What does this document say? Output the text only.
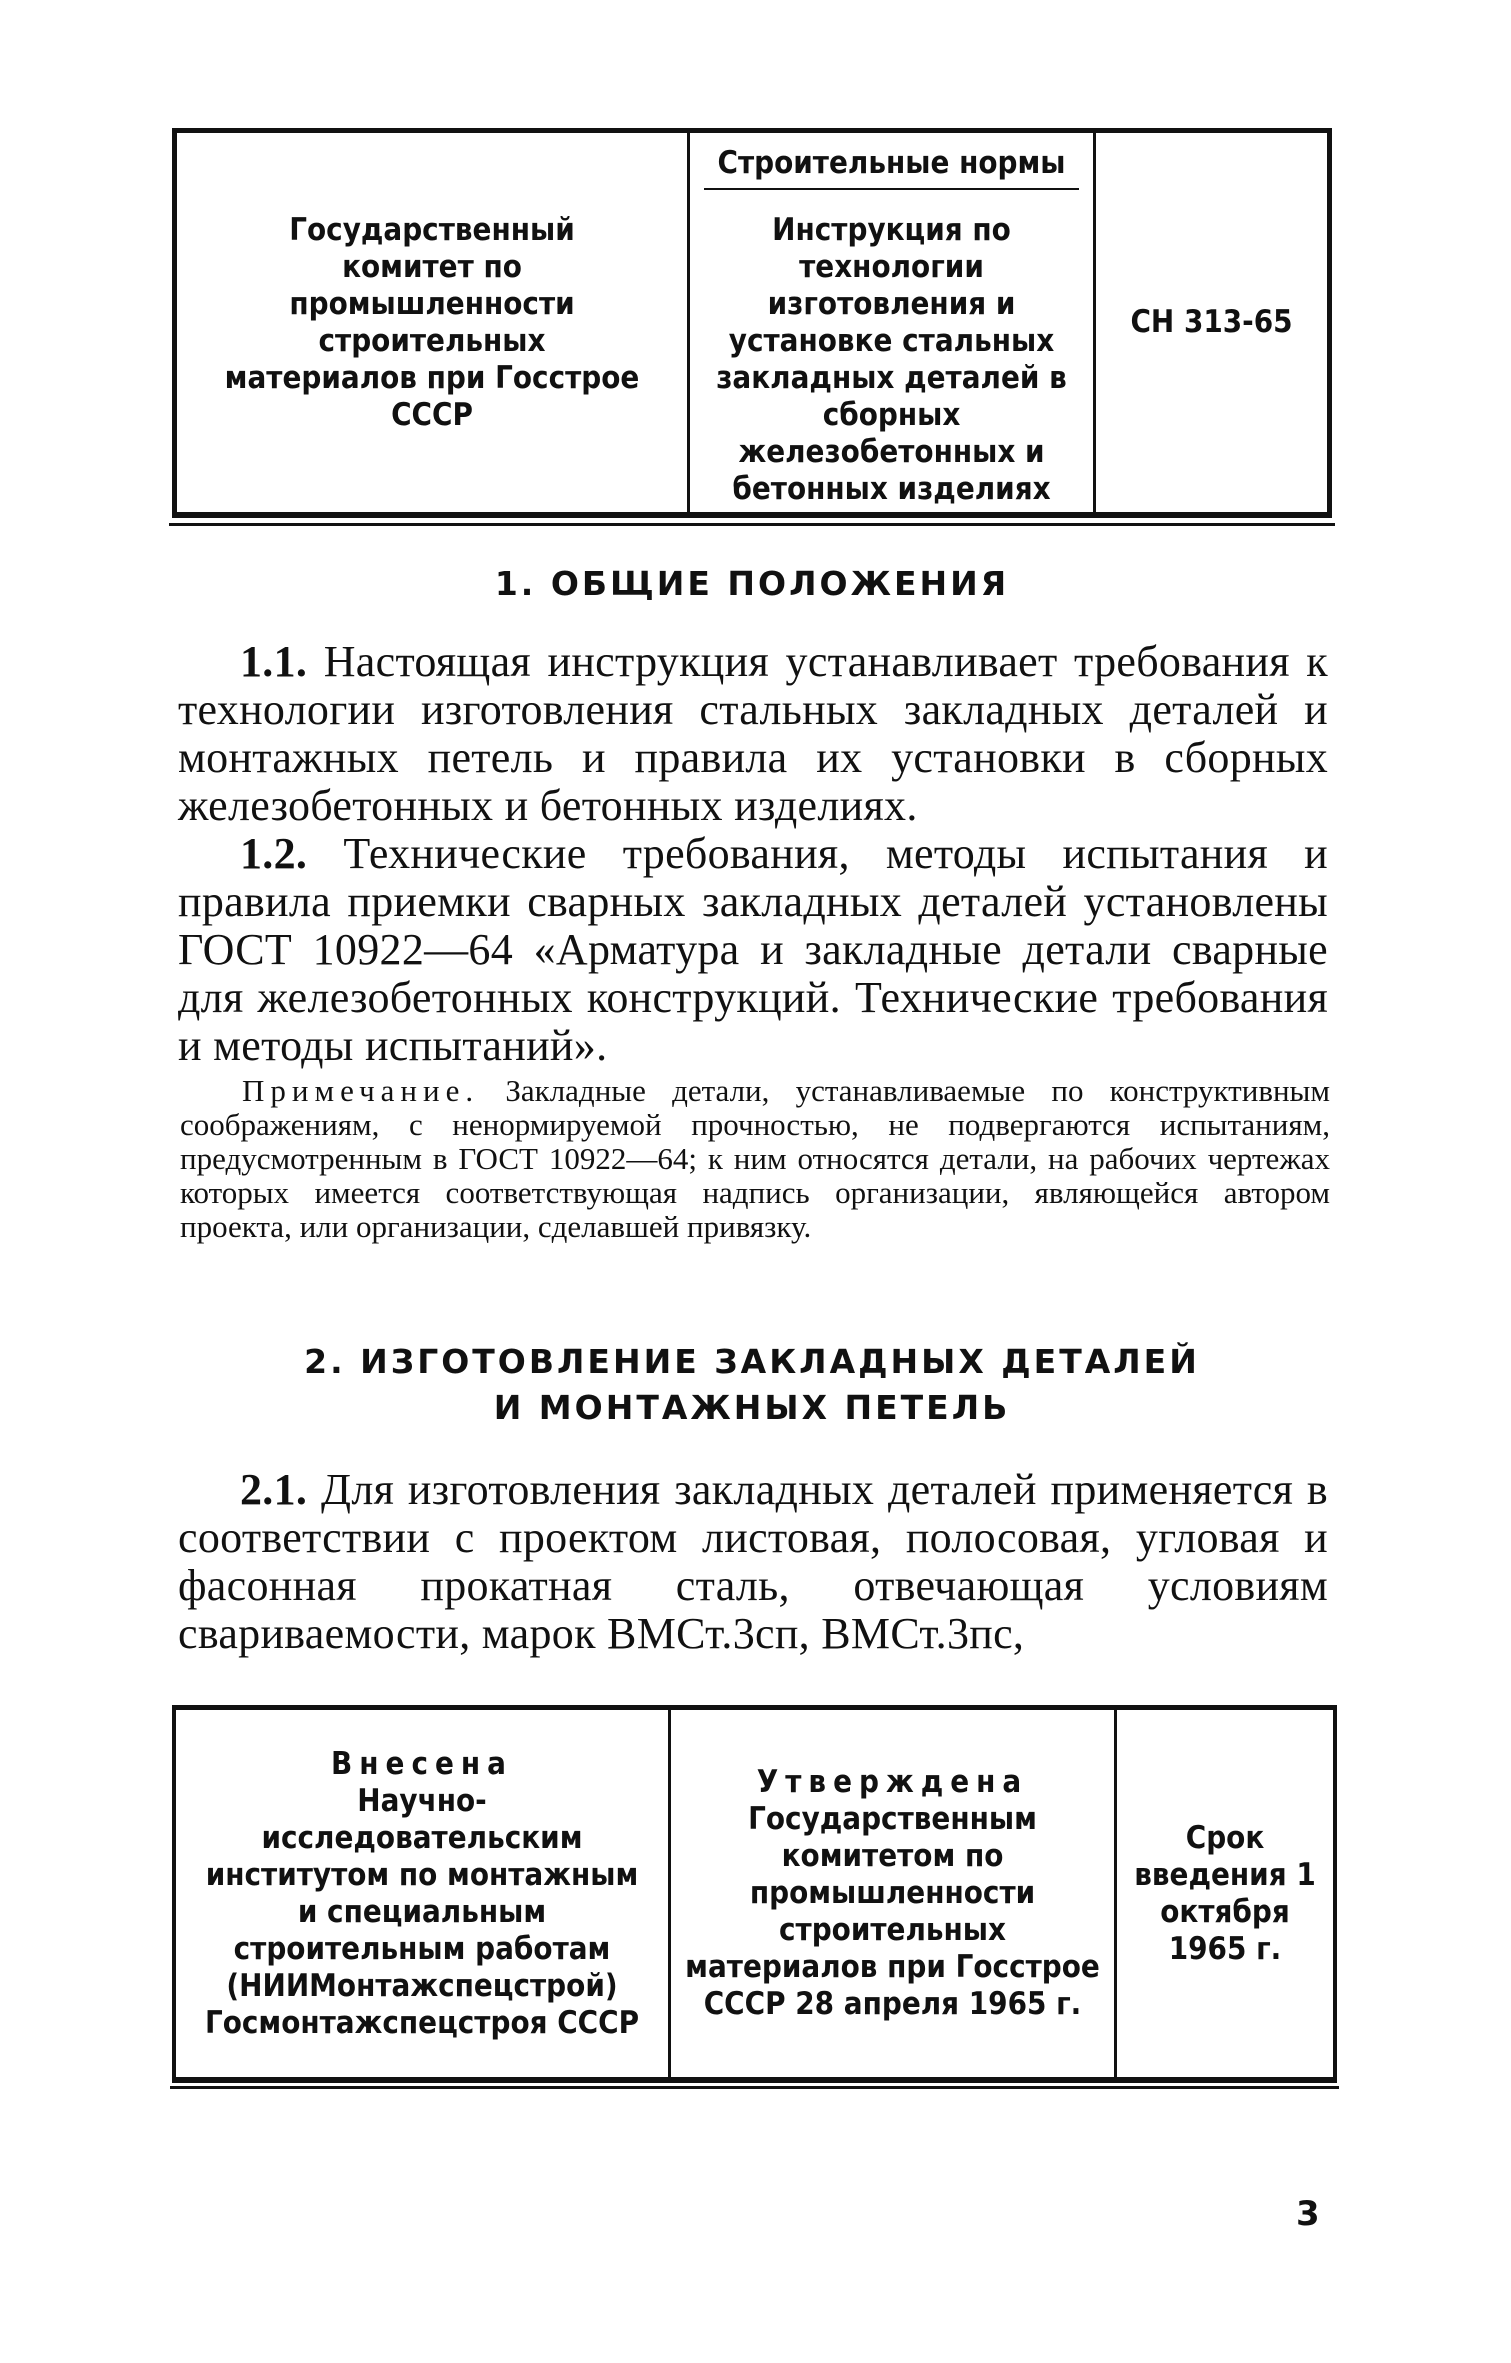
Государственный комитет по промышленности строительных материалов при Госстрое СССР
Строительные нормы
Инструкция по технологии изготовления и установке стальных закладных деталей в сборных железобетонных и бетонных изделиях
СН 313-65
1. ОБЩИЕ ПОЛОЖЕНИЯ
1.1. Настоящая инструкция устанавливает требования к технологии изготовления стальных закладных деталей и монтажных петель и правила их установки в сборных железобетонных и бетонных изделиях.
1.2. Технические требования, методы испытания и правила приемки сварных закладных деталей установлены ГОСТ 10922—64 «Арматура и закладные детали сварные для железобетонных конструкций. Технические требования и методы испытаний».
Примечание. Закладные детали, устанавливаемые по конструктивным соображениям, с ненормируемой прочностью, не подвергаются испытаниям, предусмотренным в ГОСТ 10922—64; к ним относятся детали, на рабочих чертежах которых имеется соответствующая надпись организации, являющейся автором проекта, или организации, сделавшей привязку.
2. ИЗГОТОВЛЕНИЕ ЗАКЛАДНЫХ ДЕТАЛЕЙ
И МОНТАЖНЫХ ПЕТЕЛЬ
2.1. Для изготовления закладных деталей применяется в соответствии с проектом листовая, полосовая, угловая и фасонная прокатная сталь, отвечающая условиям свариваемости, марок ВМСт.3сп, ВМСт.3пс,
Внесена
Научно-исследовательским институтом по монтажным и специальным строительным работам (НИИМонтажспецстрой) Госмонтажспецстроя СССР
Утверждена
Государственным комитетом по промышленности строительных материалов при Госстрое СССР 28 апреля 1965 г.
Срок введения 1 октября 1965 г.
3
